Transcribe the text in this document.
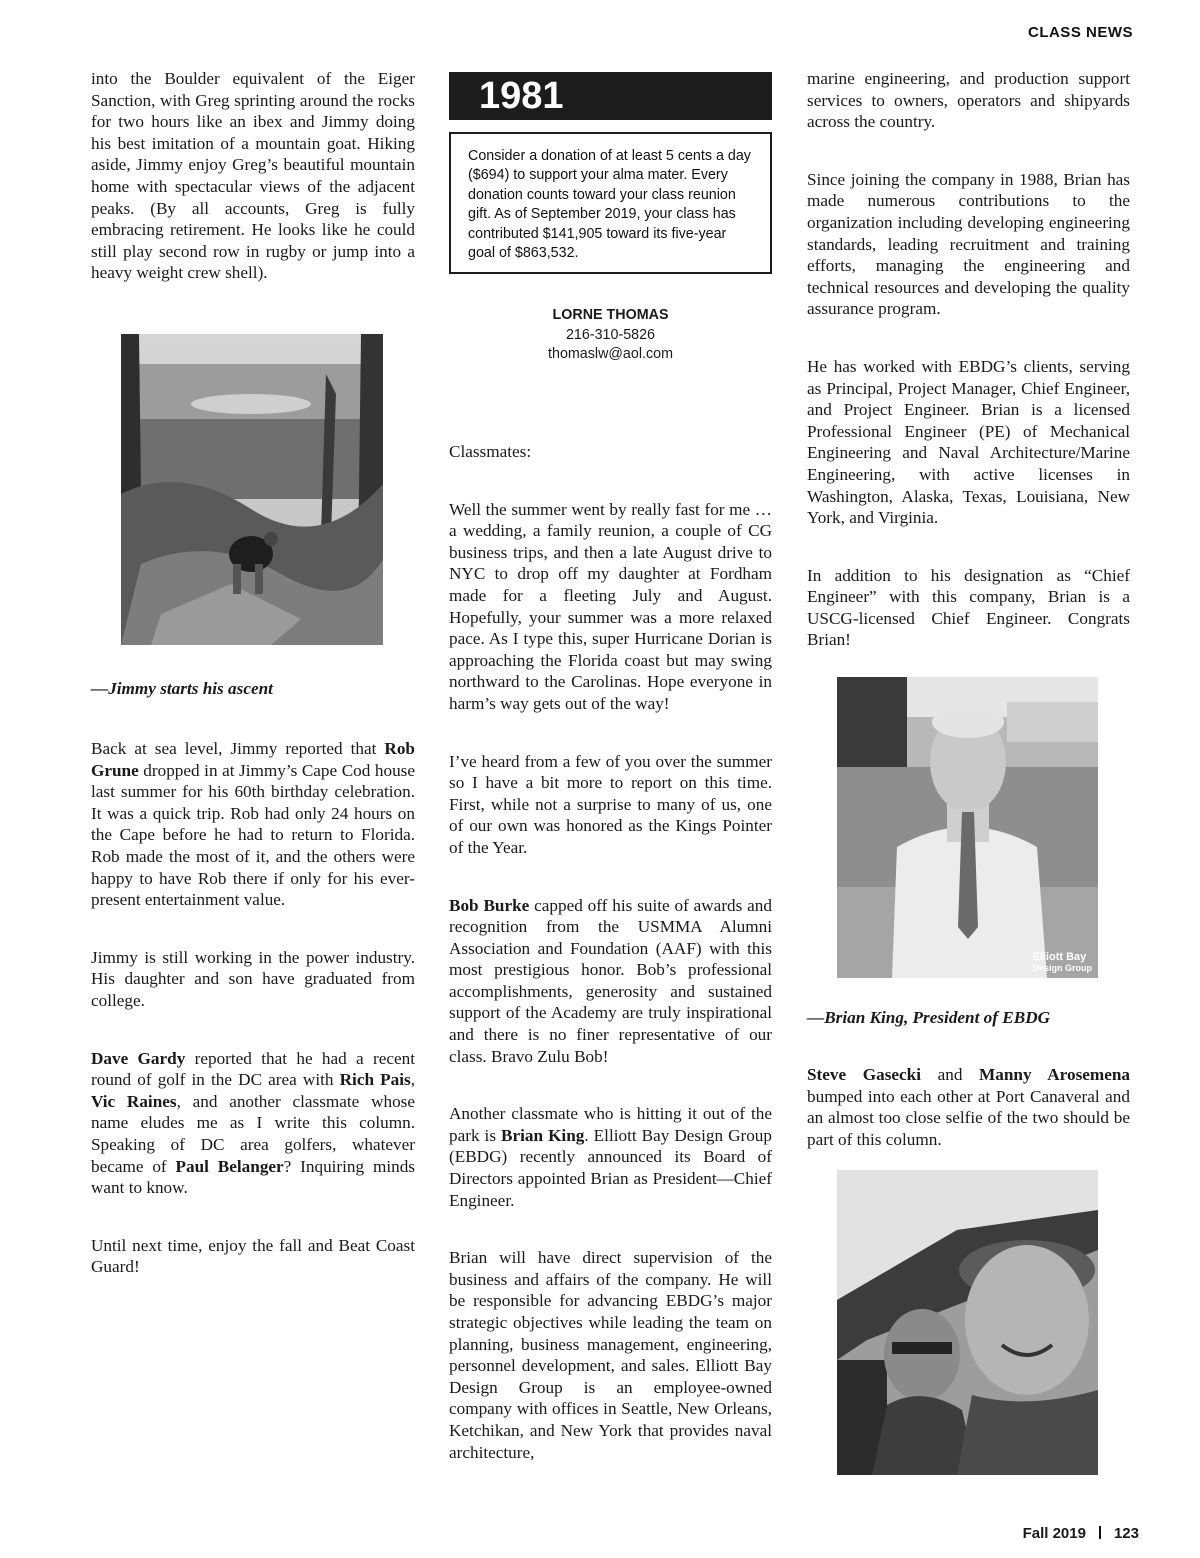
CLASS NEWS

into the Boulder equivalent of the Eiger Sanction, with Greg sprinting around the rocks for two hours like an ibex and Jimmy doing his best imitation of a mountain goat. Hiking aside, Jimmy enjoy Greg’s beautiful mountain home with spectacular views of the adjacent peaks. (By all accounts, Greg is fully embracing retirement. He looks like he could still play second row in rugby or jump into a heavy weight crew shell).

—Jimmy starts his ascent

Back at sea level, Jimmy reported that Rob Grune dropped in at Jimmy’s Cape Cod house last summer for his 60th birthday celebration. It was a quick trip. Rob had only 24 hours on the Cape before he had to return to Florida. Rob made the most of it, and the others were happy to have Rob there if only for his ever-present entertainment value.

Jimmy is still working in the power industry. His daughter and son have graduated from college.

Dave Gardy reported that he had a recent round of golf in the DC area with Rich Pais, Vic Raines, and another classmate whose name eludes me as I write this column. Speaking of DC area golfers, whatever became of Paul Belanger? Inquiring minds want to know.

Until next time, enjoy the fall and Beat Coast Guard!

1981
Consider a donation of at least 5 cents a day ($694) to support your alma mater. Every donation counts toward your class reunion gift. As of September 2019, your class has contributed $141,905 toward its five-year goal of $863,532.
LORNE THOMAS
216-310-5826
thomaslw@aol.com

Classmates:

Well the summer went by really fast for me … a wedding, a family reunion, a couple of CG business trips, and then a late August drive to NYC to drop off my daughter at Fordham made for a fleeting July and August. Hopefully, your summer was a more relaxed pace. As I type this, super Hurricane Dorian is approaching the Florida coast but may swing northward to the Carolinas. Hope everyone in harm’s way gets out of the way!

I’ve heard from a few of you over the summer so I have a bit more to report on this time. First, while not a surprise to many of us, one of our own was honored as the Kings Pointer of the Year.

Bob Burke capped off his suite of awards and recognition from the USMMA Alumni Association and Foundation (AAF) with this most prestigious honor. Bob’s professional accomplishments, generosity and sustained support of the Academy are truly inspirational and there is no finer representative of our class. Bravo Zulu Bob!

Another classmate who is hitting it out of the park is Brian King. Elliott Bay Design Group (EBDG) recently announced its Board of Directors appointed Brian as President—Chief Engineer.

Brian will have direct supervision of the business and affairs of the company. He will be responsible for advancing EBDG’s major strategic objectives while leading the team on planning, business management, engineering, personnel development, and sales. Elliott Bay Design Group is an employee-owned company with offices in Seattle, New Orleans, Ketchikan, and New York that provides naval architecture,

marine engineering, and production support services to owners, operators and shipyards across the country.

Since joining the company in 1988, Brian has made numerous contributions to the organization including developing engineering standards, leading recruitment and training efforts, managing the engineering and technical resources and developing the quality assurance program.

He has worked with EBDG’s clients, serving as Principal, Project Manager, Chief Engineer, and Project Engineer. Brian is a licensed Professional Engineer (PE) of Mechanical Engineering and Naval Architecture/Marine Engineering, with active licenses in Washington, Alaska, Texas, Louisiana, New York, and Virginia.

In addition to his designation as “Chief Engineer” with this company, Brian is a USCG-licensed Chief Engineer. Congrats Brian!

Elliott Bay
Design Group
—Brian King, President of EBDG

Steve Gasecki and Manny Arosemena bumped into each other at Port Canaveral and an almost too close selfie of the two should be part of this column.

Fall 2019 123
